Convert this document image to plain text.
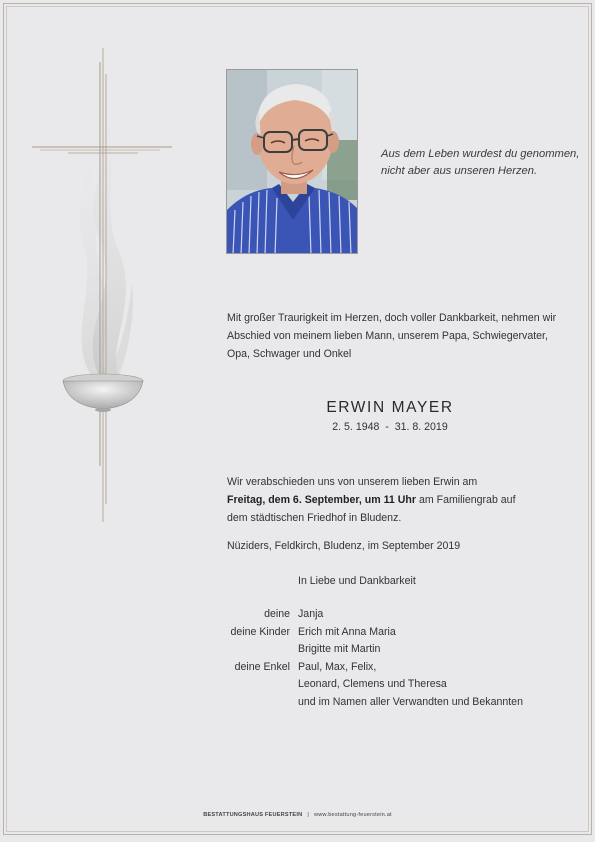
Aus dem Leben wurdest du genommen,
nicht aber aus unseren Herzen.
Mit großer Traurigkeit im Herzen, doch voller Dankbarkeit, nehmen wir
Abschied von meinem lieben Mann, unserem Papa, Schwiegervater,
Opa, Schwager und Onkel
ERWIN MAYER
2. 5. 1948  -  31. 8. 2019
Wir verabschieden uns von unserem lieben Erwin am
Freitag, dem 6. September, um 11 Uhr am Familiengrab auf
dem städtischen Friedhof in Bludenz.
Nüziders, Feldkirch, Bludenz, im September 2019
In Liebe und Dankbarkeit
deine Janja
deine Kinder Erich mit Anna Maria
Brigitte mit Martin
deine Enkel Paul, Max, Felix,
Leonard, Clemens und Theresa
und im Namen aller Verwandten und Bekannten
BESTATTUNGSHAUS FEUERSTEIN | www.bestattung-feuerstein.at
